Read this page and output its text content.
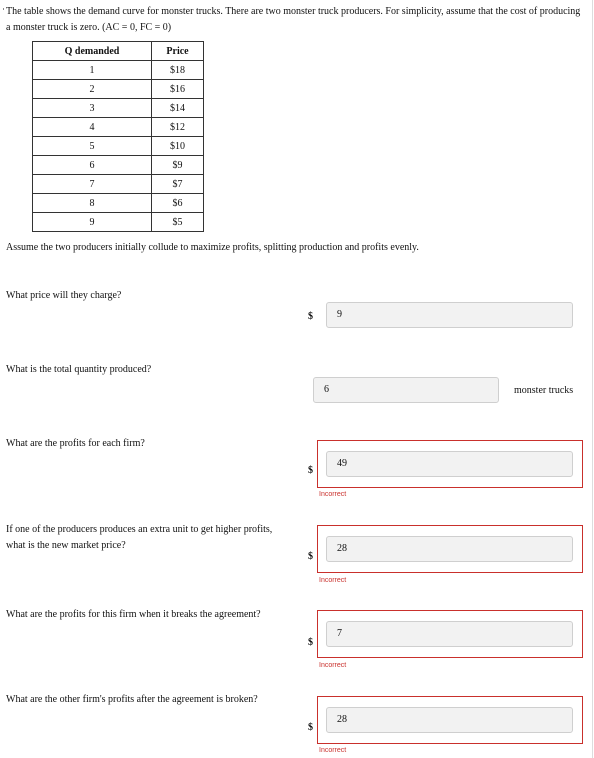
The table shows the demand curve for monster trucks. There are two monster truck producers. For simplicity, assume that the cost of producing a monster truck is zero. (AC = 0, FC = 0)
Q demanded	Price
1	$18
2	$16
3	$14
4	$12
5	$10
6	$9
7	$7
8	$6
9	$5
Assume the two producers initially collude to maximize profits, splitting production and profits evenly.
What price will they charge?
$	9
What is the total quantity produced?
6	monster trucks
What are the profits for each firm?
$
49
Incorrect
If one of the producers produces an extra unit to get higher profits, what is the new market price?
$
28
Incorrect
What are the profits for this firm when it breaks the agreement?
$
7
Incorrect
What are the other firm's profits after the agreement is broken?
$
28
Incorrect
